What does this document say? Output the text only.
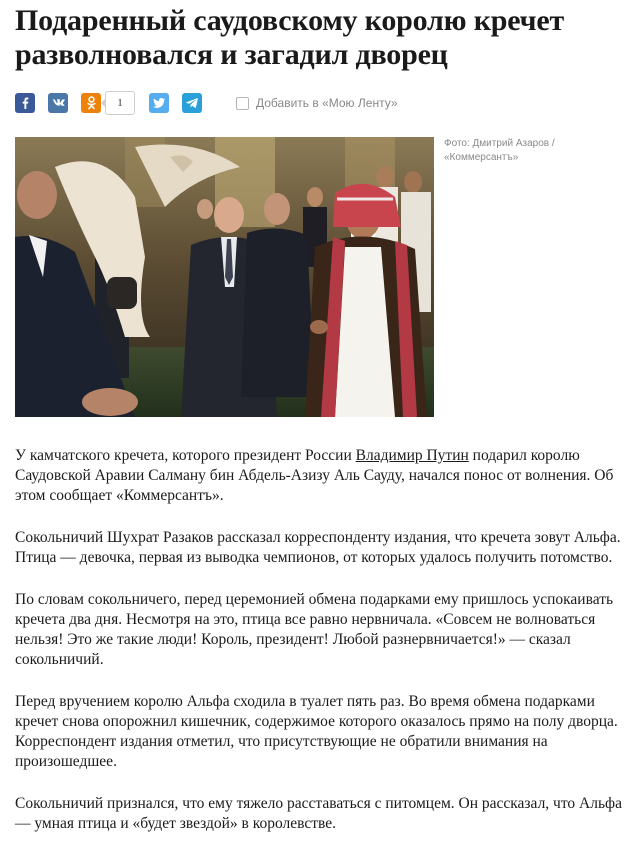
Подаренный саудовскому королю кречет разволновался и загадил дворец
1	Добавить в «Мою Ленту»
Фото: Дмитрий Азаров /
«Коммерсантъ»

У камчатского кречета, которого президент России Владимир Путин подарил королю Саудовской Аравии Салману бин Абдель-Азизу Аль Сауду, начался понос от волнения. Об этом сообщает «Коммерсантъ».

Сокольничий Шухрат Разаков рассказал корреспонденту издания, что кречета зовут Альфа. Птица — девочка, первая из выводка чемпионов, от которых удалось получить потомство.

По словам сокольничего, перед церемонией обмена подарками ему пришлось успокаивать кречета два дня. Несмотря на это, птица все равно нервничала. «Совсем не волноваться нельзя! Это же такие люди! Король, президент! Любой разнервничается!» — сказал сокольничий.

Перед вручением королю Альфа сходила в туалет пять раз. Во время обмена подарками кречет снова опорожнил кишечник, содержимое которого оказалось прямо на полу дворца. Корреспондент издания отметил, что присутствующие не обратили внимания на произошедшее.

Сокольничий признался, что ему тяжело расставаться с питомцем. Он рассказал, что Альфа — умная птица и «будет звездой» в королевстве.
